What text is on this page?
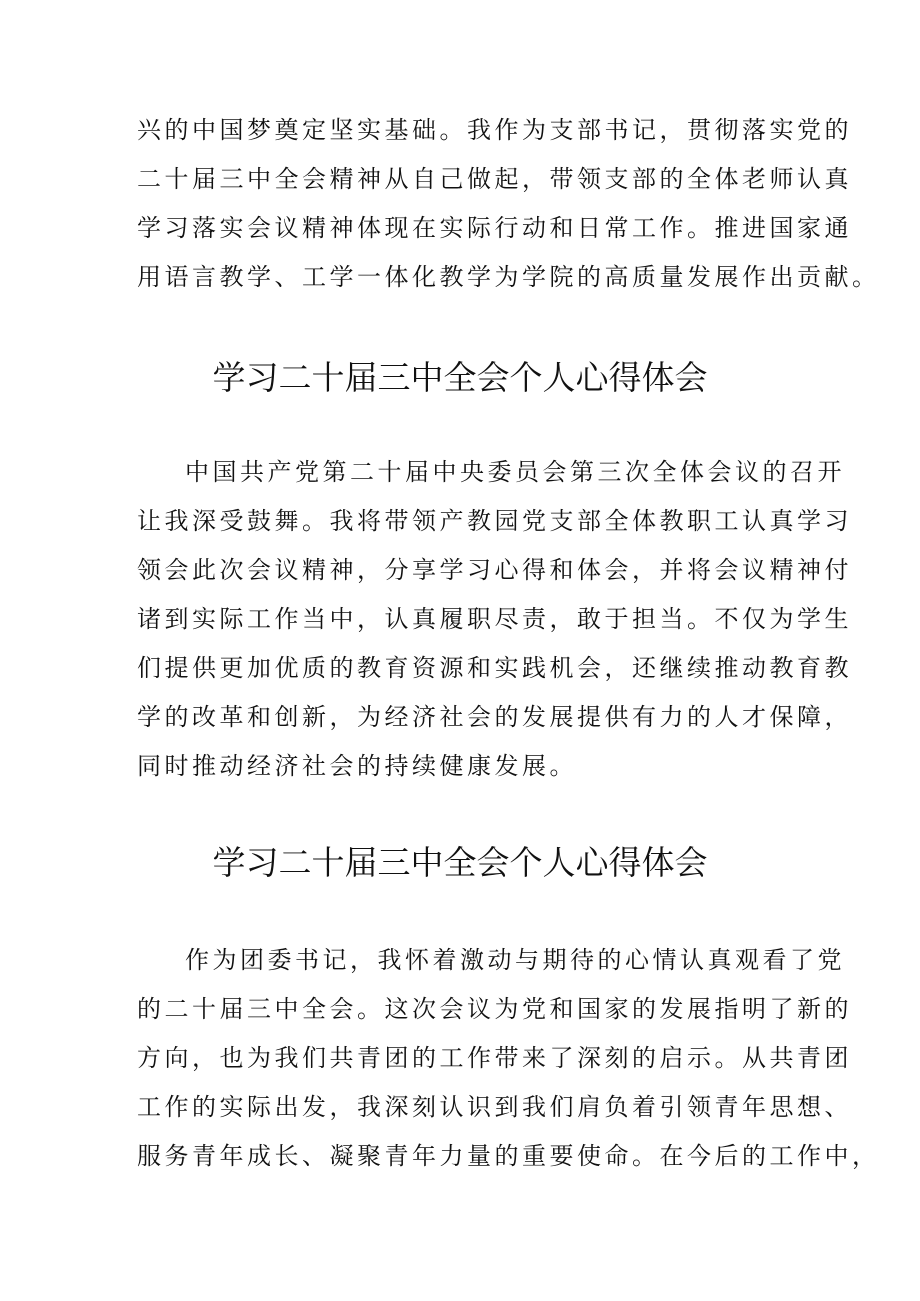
兴的中国梦奠定坚实基础。我作为支部书记，贯彻落实党的
二十届三中全会精神从自己做起，带领支部的全体老师认真
学习落实会议精神体现在实际行动和日常工作。推进国家通
用语言教学、工学一体化教学为学院的高质量发展作出贡献。
学习二十届三中全会个人心得体会
中国共产党第二十届中央委员会第三次全体会议的召开
让我深受鼓舞。我将带领产教园党支部全体教职工认真学习
领会此次会议精神，分享学习心得和体会，并将会议精神付
诸到实际工作当中，认真履职尽责，敢于担当。不仅为学生
们提供更加优质的教育资源和实践机会，还继续推动教育教
学的改革和创新，为经济社会的发展提供有力的人才保障，
同时推动经济社会的持续健康发展。
学习二十届三中全会个人心得体会
作为团委书记，我怀着激动与期待的心情认真观看了党
的二十届三中全会。这次会议为党和国家的发展指明了新的
方向，也为我们共青团的工作带来了深刻的启示。从共青团
工作的实际出发，我深刻认识到我们肩负着引领青年思想、
服务青年成长、凝聚青年力量的重要使命。在今后的工作中，
